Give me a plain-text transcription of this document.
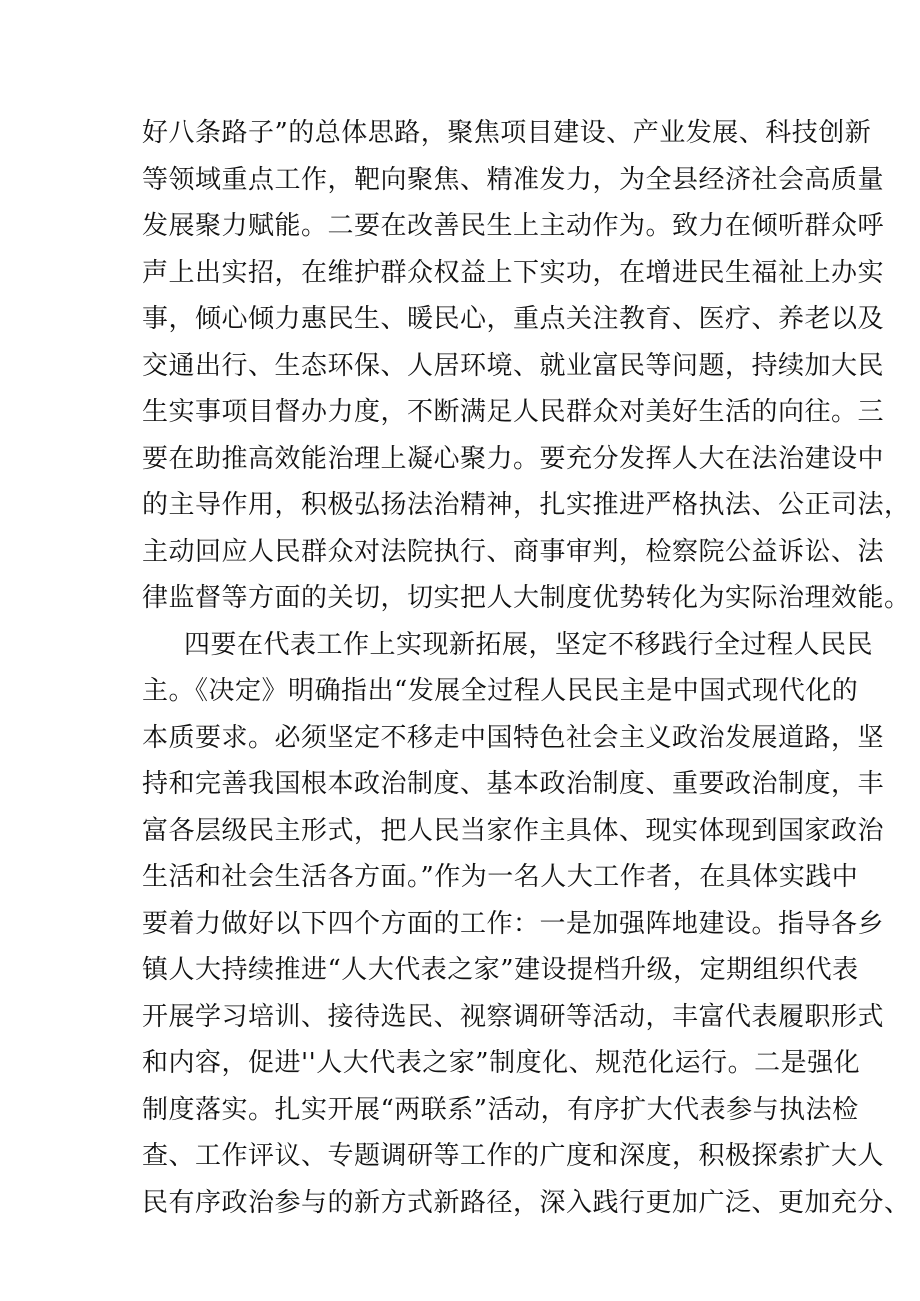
好八条路子”的总体思路，聚焦项目建设、产业发展、科技创新
等领域重点工作，靶向聚焦、精准发力，为全县经济社会高质量
发展聚力赋能。二要在改善民生上主动作为。致力在倾听群众呼
声上出实招，在维护群众权益上下实功，在增进民生福祉上办实
事，倾心倾力惠民生、暖民心，重点关注教育、医疗、养老以及
交通出行、生态环保、人居环境、就业富民等问题，持续加大民
生实事项目督办力度，不断满足人民群众对美好生活的向往。三
要在助推高效能治理上凝心聚力。要充分发挥人大在法治建设中
的主导作用，积极弘扬法治精神，扎实推进严格执法、公正司法，
主动回应人民群众对法院执行、商事审判，检察院公益诉讼、法
律监督等方面的关切，切实把人大制度优势转化为实际治理效能。
四要在代表工作上实现新拓展，坚定不移践行全过程人民民
主。《决定》明确指出“发展全过程人民民主是中国式现代化的
本质要求。必须坚定不移走中国特色社会主义政治发展道路，坚
持和完善我国根本政治制度、基本政治制度、重要政治制度，丰
富各层级民主形式，把人民当家作主具体、现实体现到国家政治
生活和社会生活各方面。”作为一名人大工作者，在具体实践中
要着力做好以下四个方面的工作：一是加强阵地建设。指导各乡
镇人大持续推进“人大代表之家”建设提档升级，定期组织代表
开展学习培训、接待选民、视察调研等活动，丰富代表履职形式
和内容，促进''人大代表之家”制度化、规范化运行。二是强化
制度落实。扎实开展“两联系”活动，有序扩大代表参与执法检
查、工作评议、专题调研等工作的广度和深度，积极探索扩大人
民有序政治参与的新方式新路径，深入践行更加广泛、更加充分、
